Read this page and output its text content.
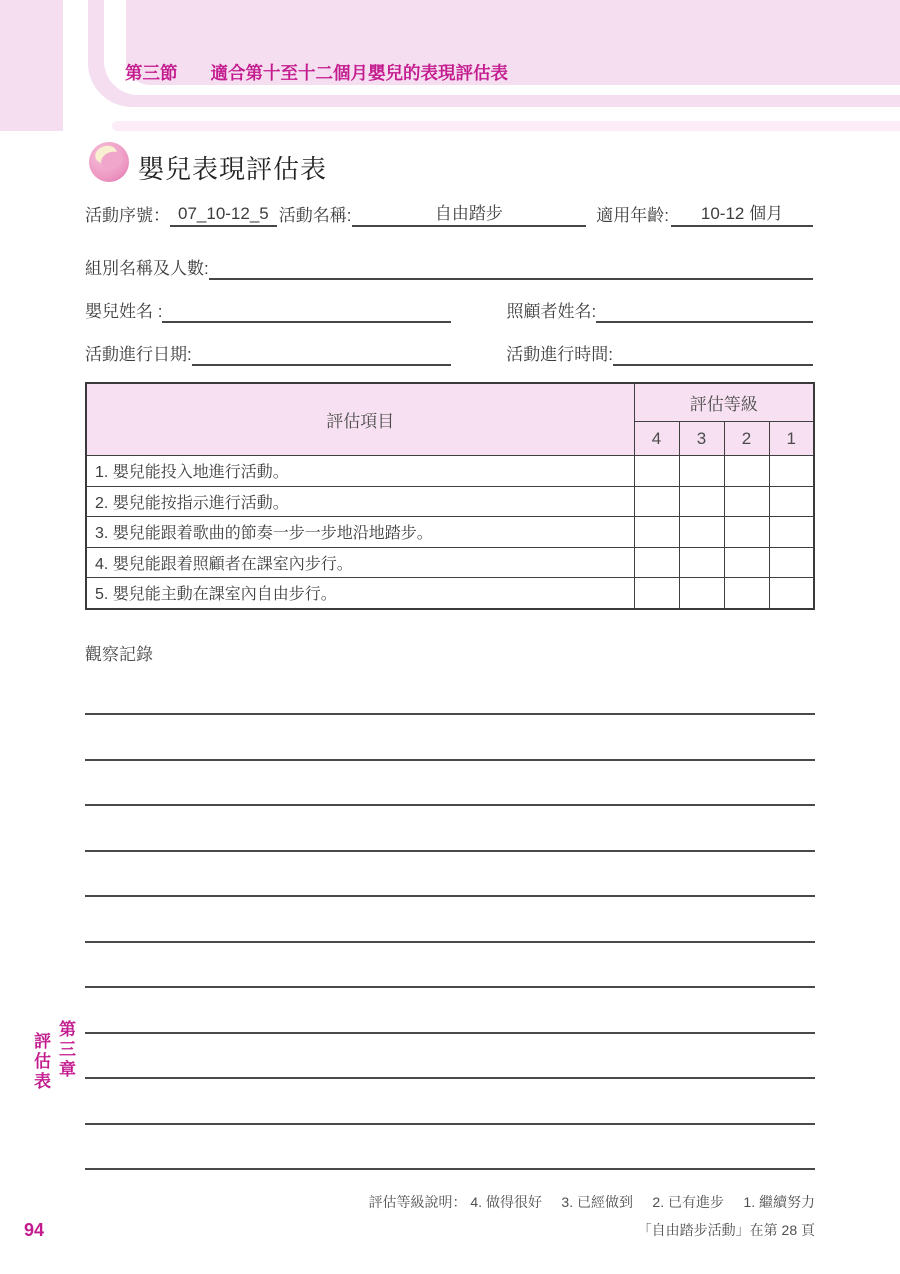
第三節 適合第十至十二個月嬰兒的表現評估表
嬰兒表現評估表
活動序號： 07_10-12_5 活動名稱:	自由踏步	適用年齡:	10-12 個月
組別名稱及人數:
嬰兒姓名 :	照顧者姓名:
活動進行日期:	活動進行時間:
評估項目	評估等級			
	4	3	2	1
1. 嬰兒能投入地進行活動。				
2. 嬰兒能按指示進行活動。				
3. 嬰兒能跟着歌曲的節奏一步一步地沿地踏步。				
4. 嬰兒能跟着照顧者在課室內步行。				
5. 嬰兒能主動在課室內自由步行。				
觀察記錄
評估等級說明： 4. 做得很好     3. 已經做到     2. 已有進步     1. 繼續努力
「自由踏步活動」在第 28 頁
第三章
評估表
94
